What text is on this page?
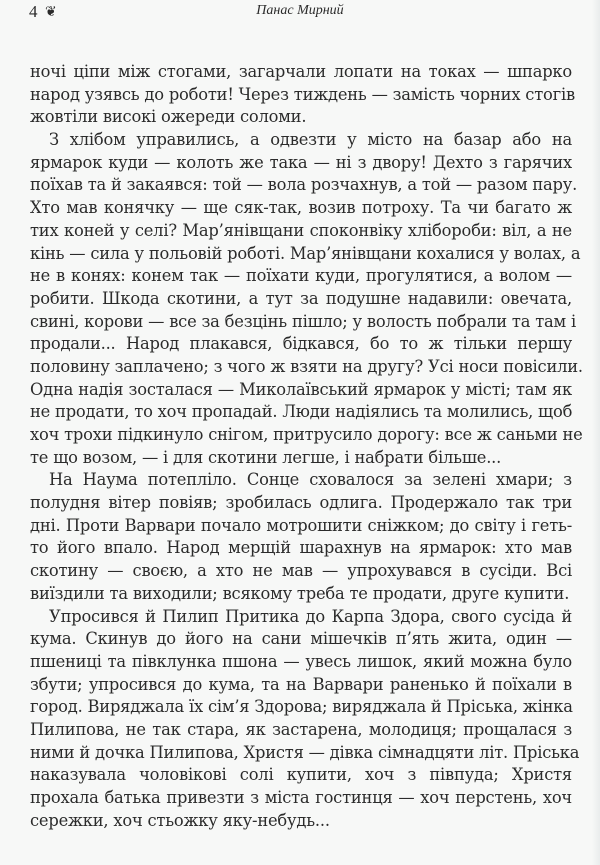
4 ❦	Панас Мирний
ночі ціпи між стогами, загарчали лопати на токах — шпарко
народ узявсь до роботи! Через тиждень — замість чорних стогів
жовтіли високі ожереди соломи.
З хлібом управились, а одвезти у місто на базар або на
ярмарок куди — колоть же така — ні з двору! Дехто з гарячих
поїхав та й закаявся: той — вола розчахнув, а той — разом пару.
Хто мав конячку — ще сяк-так, возив потроху. Та чи багато ж
тих коней у селі? Мар’янівщани споконвіку хлібороби: віл, а не
кінь — сила у польовій роботі. Мар’янівщани кохалися у волах, а
не в конях: конем так — поїхати куди, прогулятися, а волом —
робити. Шкода скотини, а тут за подушне надавили: овечата,
свині, корови — все за безцінь пішло; у волость побрали та там і
продали... Народ плакався, бідкався, бо то ж тільки першу
половину заплачено; з чого ж взяти на другу? Усі носи повісили.
Одна надія зосталася — Миколаївський ярмарок у місті; там як
не продати, то хоч пропадай. Люди надіялись та молились, щоб
хоч трохи підкинуло снігом, притрусило дорогу: все ж саньми не
те що возом, — і для скотини легше, і набрати більше...
На Наума потепліло. Сонце сховалося за зелені хмари; з
полудня вітер повіяв; зробилась одлига. Продержало так три
дні. Проти Варвари почало мотрошити сніжком; до світу і геть-
то його впало. Народ мерщій шарахнув на ярмарок: хто мав
скотину — своєю, а хто не мав — упрохувався в сусіди. Всі
виїздили та виходили; всякому треба те продати, друге купити.
Упросився й Пилип Притика до Карпа Здора, свого сусіда й
кума. Скинув до його на сани мішечків п’ять жита, один —
пшениці та півклунка пшона — увесь лишок, який можна було
збути; упросився до кума, та на Варвари раненько й поїхали в
город. Виряджала їх сім’я Здорова; виряджала й Пріська, жінка
Пилипова, не так стара, як застарена, молодиця; прощалася з
ними й дочка Пилипова, Христя — дівка сімнадцяти літ. Пріська
наказувала чоловікові солі купити, хоч з півпуда; Христя
прохала батька привезти з міста гостинця — хоч перстень, хоч
сережки, хоч стьожку яку-небудь...
